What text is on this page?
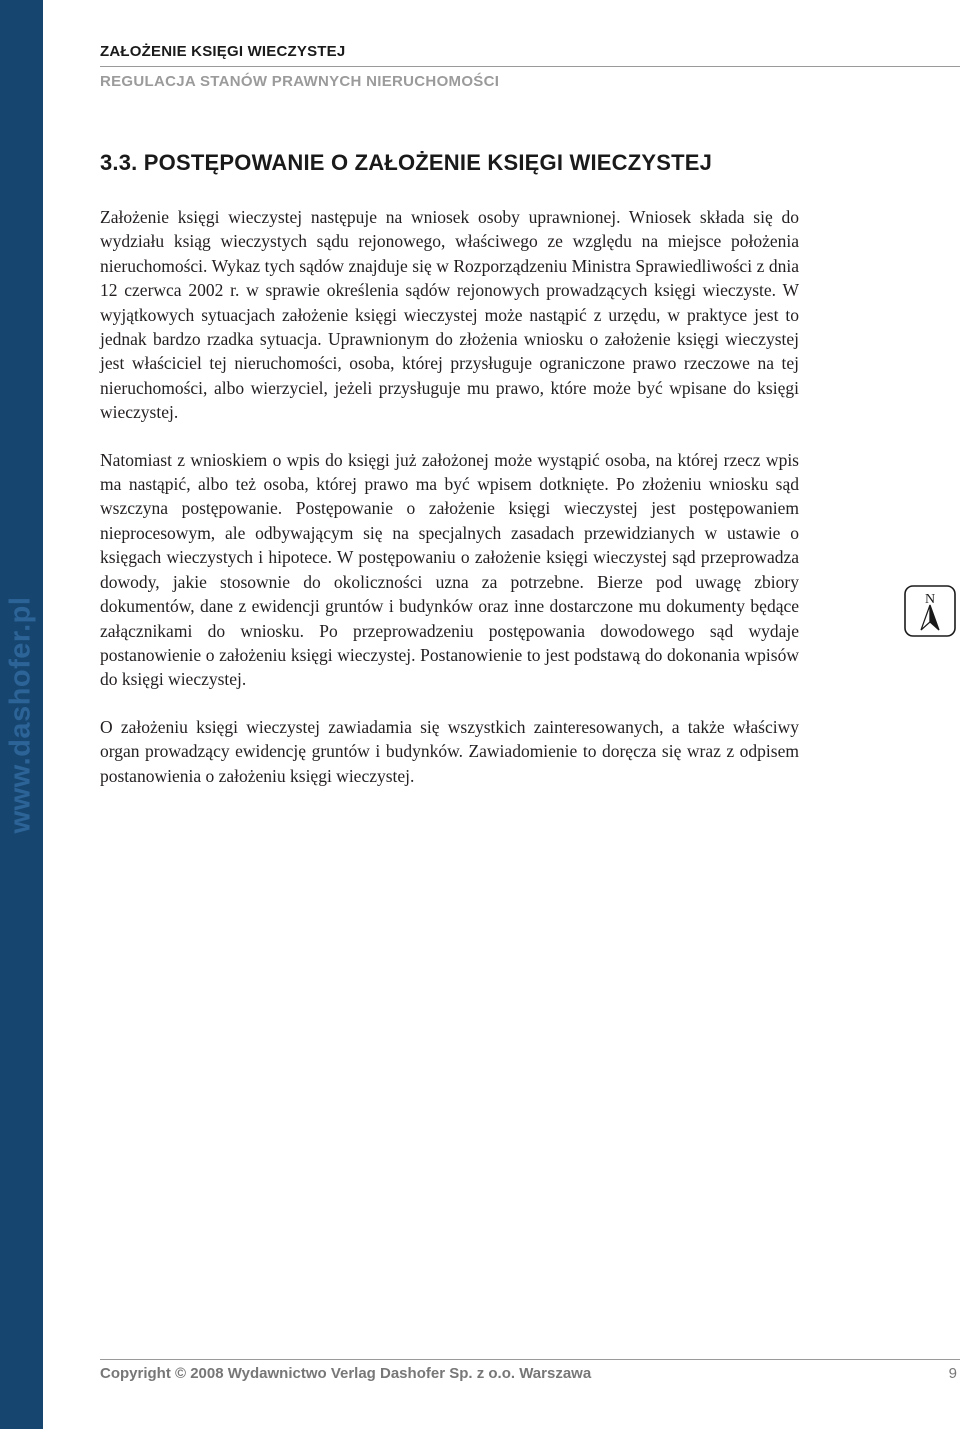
www.dashofer.pl
ZAŁOŻENIE KSIĘGI WIECZYSTEJ
REGULACJA STANÓW PRAWNYCH NIERUCHOMOŚCI
3.3. POSTĘPOWANIE O ZAŁOŻENIE KSIĘGI WIECZYSTEJ

Założenie księgi wieczystej następuje na wniosek osoby uprawnionej. Wniosek składa się do wydziału ksiąg wieczystych sądu rejonowego, właściwego ze względu na miejsce położenia nieruchomości. Wykaz tych sądów znajduje się w Rozporządzeniu Ministra Sprawiedliwości z dnia 12 czerwca 2002 r. w sprawie określenia sądów rejonowych prowadzących księgi wieczyste. W wyjątkowych sytuacjach założenie księgi wieczystej może nastąpić z urzędu, w praktyce jest to jednak bardzo rzadka sytuacja. Uprawnionym do złożenia wniosku o założenie księgi wieczystej jest właściciel tej nieruchomości, osoba, której przysługuje ograniczone prawo rzeczowe na tej nieruchomości, albo wierzyciel, jeżeli przysługuje mu prawo, które może być wpisane do księgi wieczystej.

Natomiast z wnioskiem o wpis do księgi już założonej może wystąpić osoba, na której rzecz wpis ma nastąpić, albo też osoba, której prawo ma być wpisem dotknięte. Po złożeniu wniosku sąd wszczyna postępowanie. Postępowanie o założenie księgi wieczystej jest postępowaniem nieprocesowym, ale odbywającym się na specjalnych zasadach przewidzianych w ustawie o księgach wieczystych i hipotece. W postępowaniu o założenie księgi wieczystej sąd przeprowadza dowody, jakie stosownie do okoliczności uzna za potrzebne. Bierze pod uwagę zbiory dokumentów, dane z ewidencji gruntów i budynków oraz inne dostarczone mu dokumenty będące załącznikami do wniosku. Po przeprowadzeniu postępowania dowodowego sąd wydaje postanowienie o założeniu księgi wieczystej. Postanowienie to jest podstawą do dokonania wpisów do księgi wieczystej.

O założeniu księgi wieczystej zawiadamia się wszystkich zainteresowanych, a także właściwy organ prowadzący ewidencję gruntów i budynków. Zawiadomienie to doręcza się wraz z odpisem postanowienia o założeniu księgi wieczystej.

N
Copyright © 2008 Wydawnictwo Verlag Dashofer Sp. z o.o. Warszawa	9
